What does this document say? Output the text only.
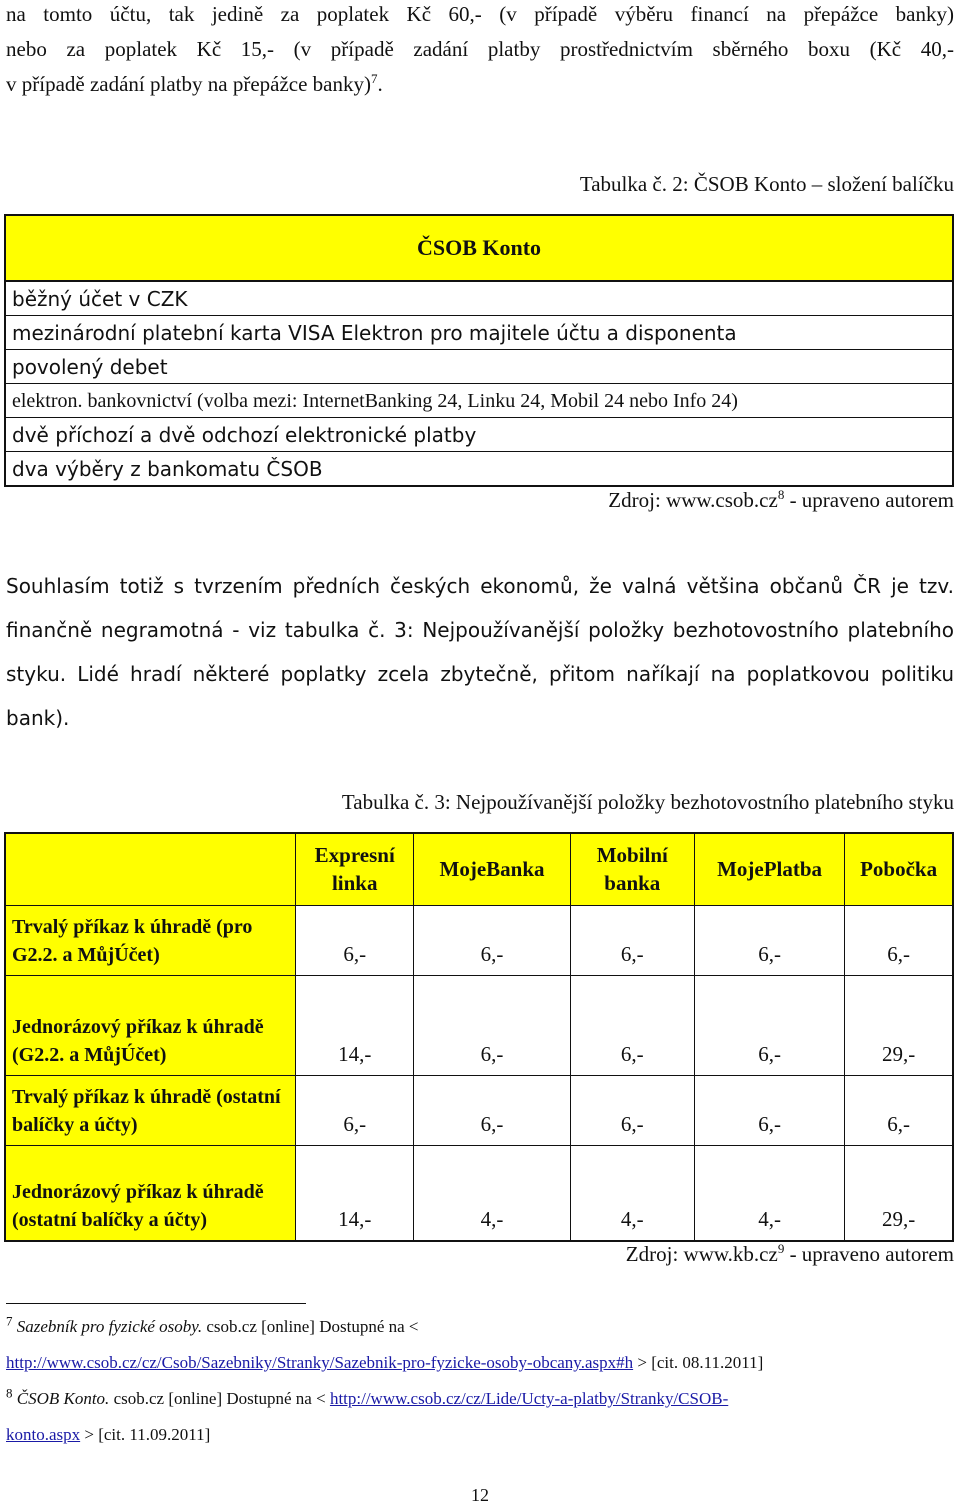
na tomto účtu, tak jedině za poplatek Kč 60,- (v případě výběru financí na přepážce banky)
nebo za poplatek Kč 15,- (v případě zadání platby prostřednictvím sběrného boxu (Kč 40,-
v případě zadání platby na přepážce banky)$^7$.
Tabulka č. 2: ČSOB Konto – složení balíčku
ČSOB Konto
běžný účet v CZK
mezinárodní platební karta VISA Elektron pro majitele účtu a disponenta
povolený debet
elektron. bankovnictví (volba mezi: InternetBanking 24, Linku 24, Mobil 24 nebo Info 24)
dvě příchozí a dvě odchozí elektronické platby
dva výběry z bankomatu ČSOB
Zdroj: $www.csob.cz^8$ - upraveno autorem
Souhlasím totiž s tvrzením předních českých ekonomů, že valná většina občanů ČR je tzv.
finančně negramotná - viz tabulka č. 3: Nejpoužívanější položky bezhotovostního platebního
styku. Lidé hradí některé poplatky zcela zbytečně, přitom naříkají na poplatkovou politiku
bank).
Tabulka č. 3: Nejpoužívanější položky bezhotovostního platebního styku
	Expresní linka	MojeBanka	Mobilní banka	MojePlatba	Pobočka
Trvalý příkaz k úhradě (pro G2.2. a MůjÚčet)	6,-	6,-	6,-	6,-	6,-
Jednorázový příkaz k úhradě (G2.2. a MůjÚčet)	14,-	6,-	6,-	6,-	29,-
Trvalý příkaz k úhradě (ostatní balíčky a účty)	6,-	6,-	6,-	6,-	6,-
Jednorázový příkaz k úhradě (ostatní balíčky a účty)	14,-	4,-	4,-	4,-	29,-
Zdroj: $www.kb.cz^9$ - upraveno autorem
$^7$ Sazebník pro fyzické osoby. csob.cz [online] Dostupné na <
http://www.csob.cz/cz/Csob/Sazebniky/Stranky/Sazebnik-pro-fyzicke-osoby-obcany.aspx#h > [cit. 08.11.2011]
$^8$ ČSOB Konto. csob.cz [online] Dostupné na < http://www.csob.cz/cz/Lide/Ucty-a-platby/Stranky/CSOB-
konto.aspx > [cit. 11.09.2011]
12
